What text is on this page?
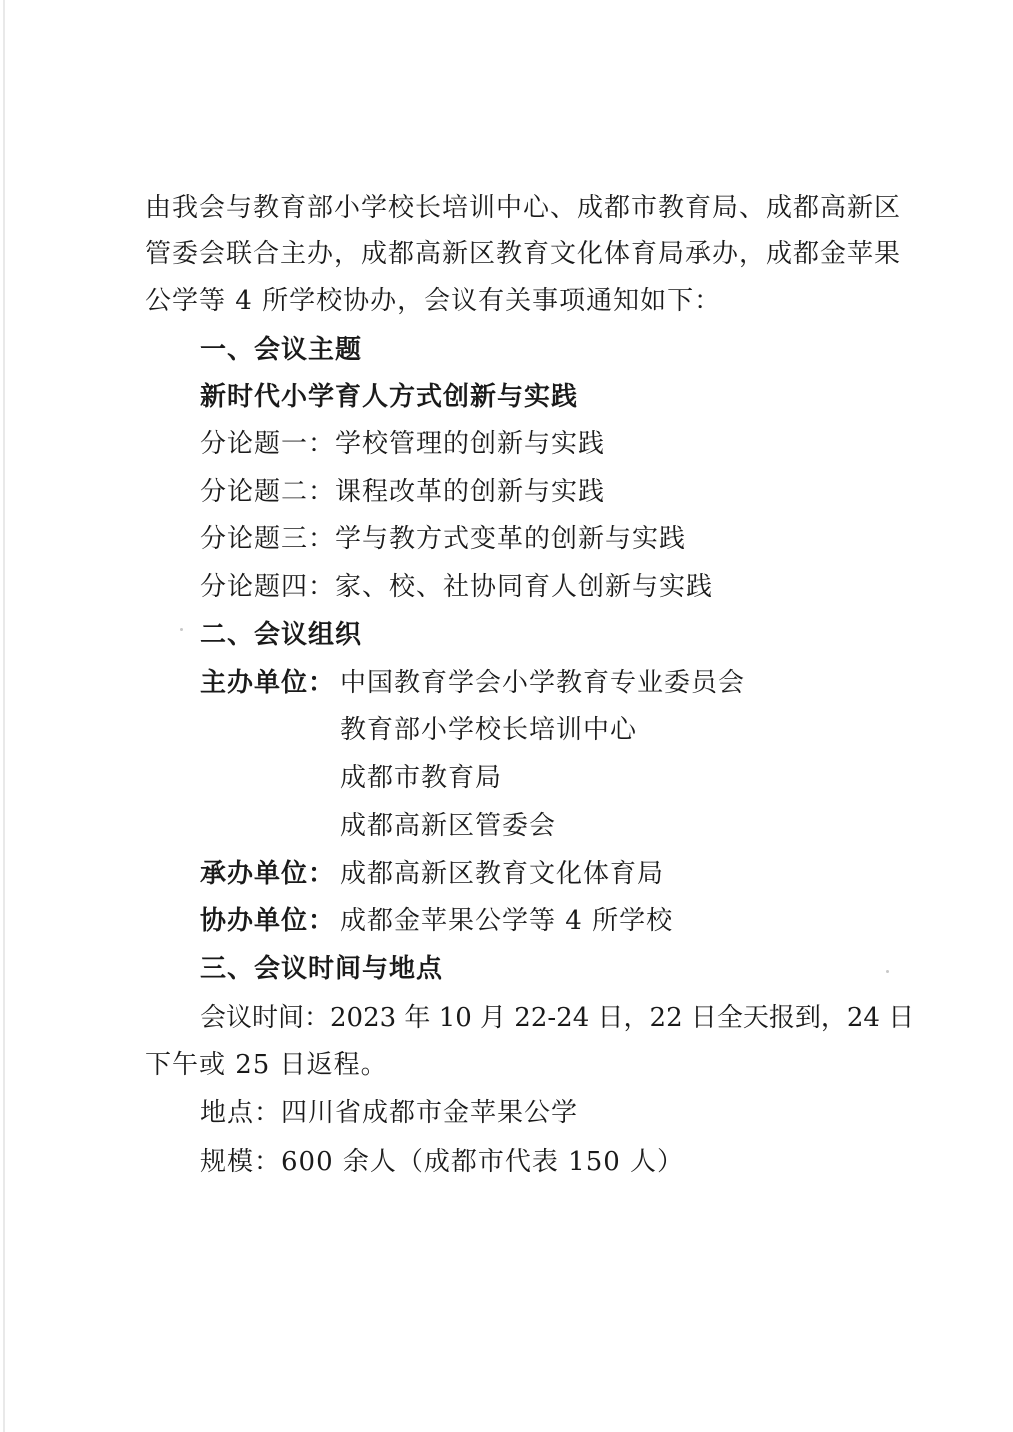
由我会与教育部小学校长培训中心、成都市教育局、成都高新区
管委会联合主办，成都高新区教育文化体育局承办，成都金苹果
公学等 4 所学校协办，会议有关事项通知如下：
一、会议主题
新时代小学育人方式创新与实践
分论题一：学校管理的创新与实践
分论题二：课程改革的创新与实践
分论题三：学与教方式变革的创新与实践
分论题四：家、校、社协同育人创新与实践
二、会议组织
主办单位： 中国教育学会小学教育专业委员会
教育部小学校长培训中心
成都市教育局
成都高新区管委会
承办单位： 成都高新区教育文化体育局
协办单位： 成都金苹果公学等 4 所学校
三、会议时间与地点
会议时间：2023 年 10 月 22-24 日，22 日全天报到，24 日
下午或 25 日返程。
地点：四川省成都市金苹果公学
规模：600 余人（成都市代表 150 人）
